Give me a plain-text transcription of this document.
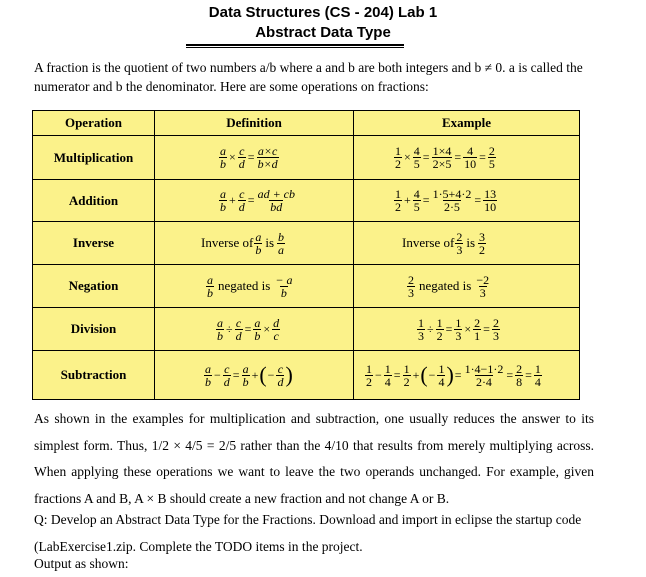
Data Structures (CS - 204) Lab 1
Abstract Data Type
A fraction is the quotient of two numbers a/b where a and b are both integers and b ≠ 0. a is called the numerator and b the denominator. Here are some operations on fractions:
Operation	Definition	Example
Multiplication	$\frac{a}{b} \times \frac{c}{d} = \frac{a\times c}{b\times d}$	$\frac{1}{2} \times \frac{4}{5} = \frac{1\times 4}{2\times 5} = \frac{4}{10} = \frac{2}{5}$
Addition	$\frac{a}{b} + \frac{c}{d} = \frac{ad + cb}{bd}$	$\frac{1}{2} + \frac{4}{5} = \frac{1\cdot 5+4\cdot 2}{2\cdot 5} = \frac{13}{10}$
Inverse	Inverse of $\frac{a}{b}$ is $\frac{b}{a}$	Inverse of $\frac{2}{3}$ is $\frac{3}{2}$
Negation	$\frac{a}{b}$ negated is $\frac{- a}{b}$	$\frac{2}{3}$ negated is $\frac{-2}{3}$
Division	$\frac{a}{b} \div \frac{c}{d} = \frac{a}{b} \times \frac{d}{c}$	$\frac{1}{3} \div \frac{1}{2} = \frac{1}{3} \times \frac{2}{1} = \frac{2}{3}$
Subtraction	$\frac{a}{b} - \frac{c}{d} = \frac{a}{b}$ + ( − $\frac{c}{d}$ )	$\frac{1}{2} - \frac{1}{4} = \frac{1}{2}$ + ( − $\frac{1}{4}$ ) = $\frac{1\cdot 4-1\cdot 2}{2\cdot 4} = \frac{2}{8} = \frac{1}{4}$
As shown in the examples for multiplication and subtraction, one usually reduces the answer to its simplest form. Thus, 1/2 × 4/5 = 2/5 rather than the 4/10 that results from merely multiplying across. When applying these operations we want to leave the two operands unchanged. For example, given fractions A and B, A × B should create a new fraction and not change A or B.
Q: Develop an Abstract Data Type for the Fractions. Download and import in eclipse the startup code (LabExercise1.zip. Complete the TODO items in the project.
Output as shown:
